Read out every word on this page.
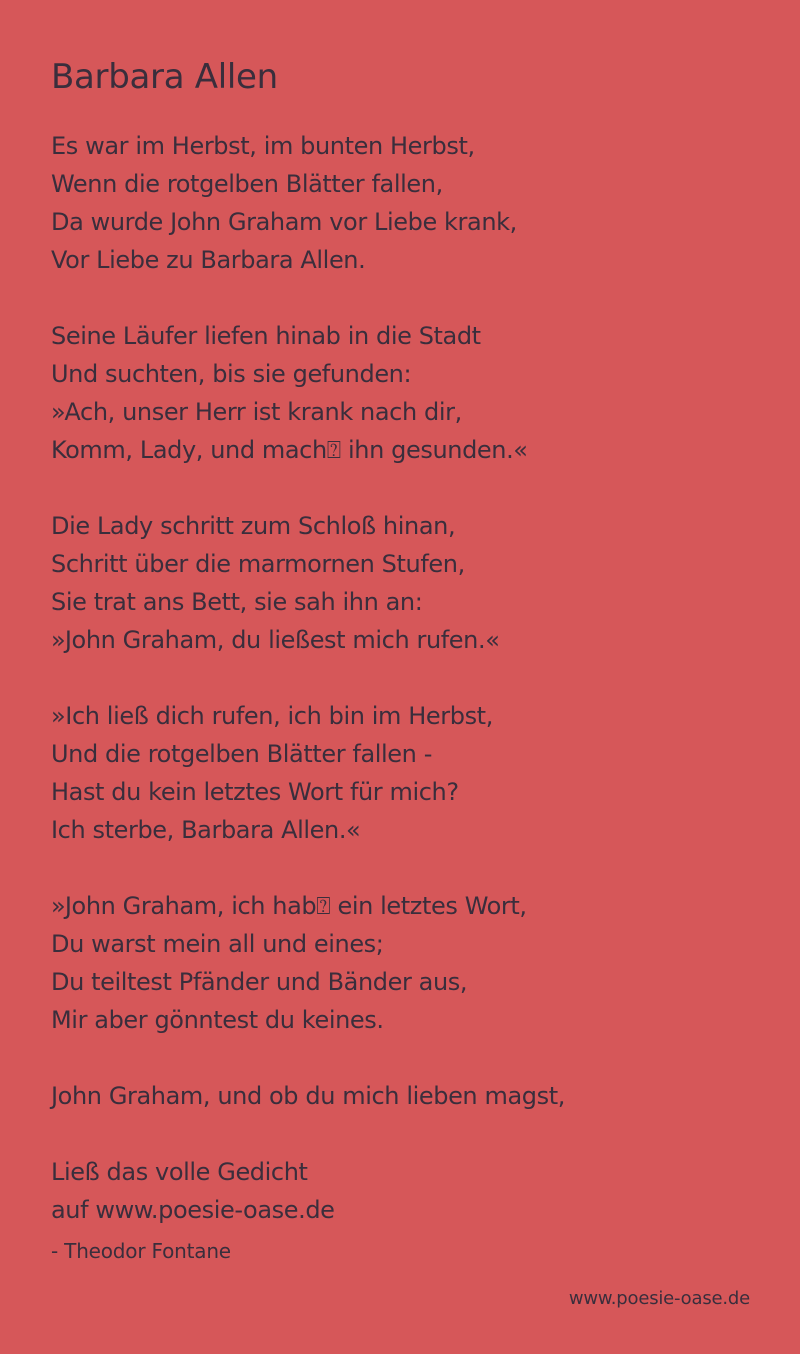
Barbara Allen
Es war im Herbst, im bunten Herbst,
Wenn die rotgelben Blätter fallen,
Da wurde John Graham vor Liebe krank,
Vor Liebe zu Barbara Allen.
Seine Läufer liefen hinab in die Stadt
Und suchten, bis sie gefunden:
»Ach, unser Herr ist krank nach dir,
Komm, Lady, und mach⍰ ihn gesunden.«
Die Lady schritt zum Schloß hinan,
Schritt über die marmornen Stufen,
Sie trat ans Bett, sie sah ihn an:
»John Graham, du ließest mich rufen.«
»Ich ließ dich rufen, ich bin im Herbst,
Und die rotgelben Blätter fallen -
Hast du kein letztes Wort für mich?
Ich sterbe, Barbara Allen.«
»John Graham, ich hab⍰ ein letztes Wort,
Du warst mein all und eines;
Du teiltest Pfänder und Bänder aus,
Mir aber gönntest du keines.
John Graham, und ob du mich lieben magst,
Ließ das volle Gedicht
auf www.poesie-oase.de
- Theodor Fontane
www.poesie-oase.de
